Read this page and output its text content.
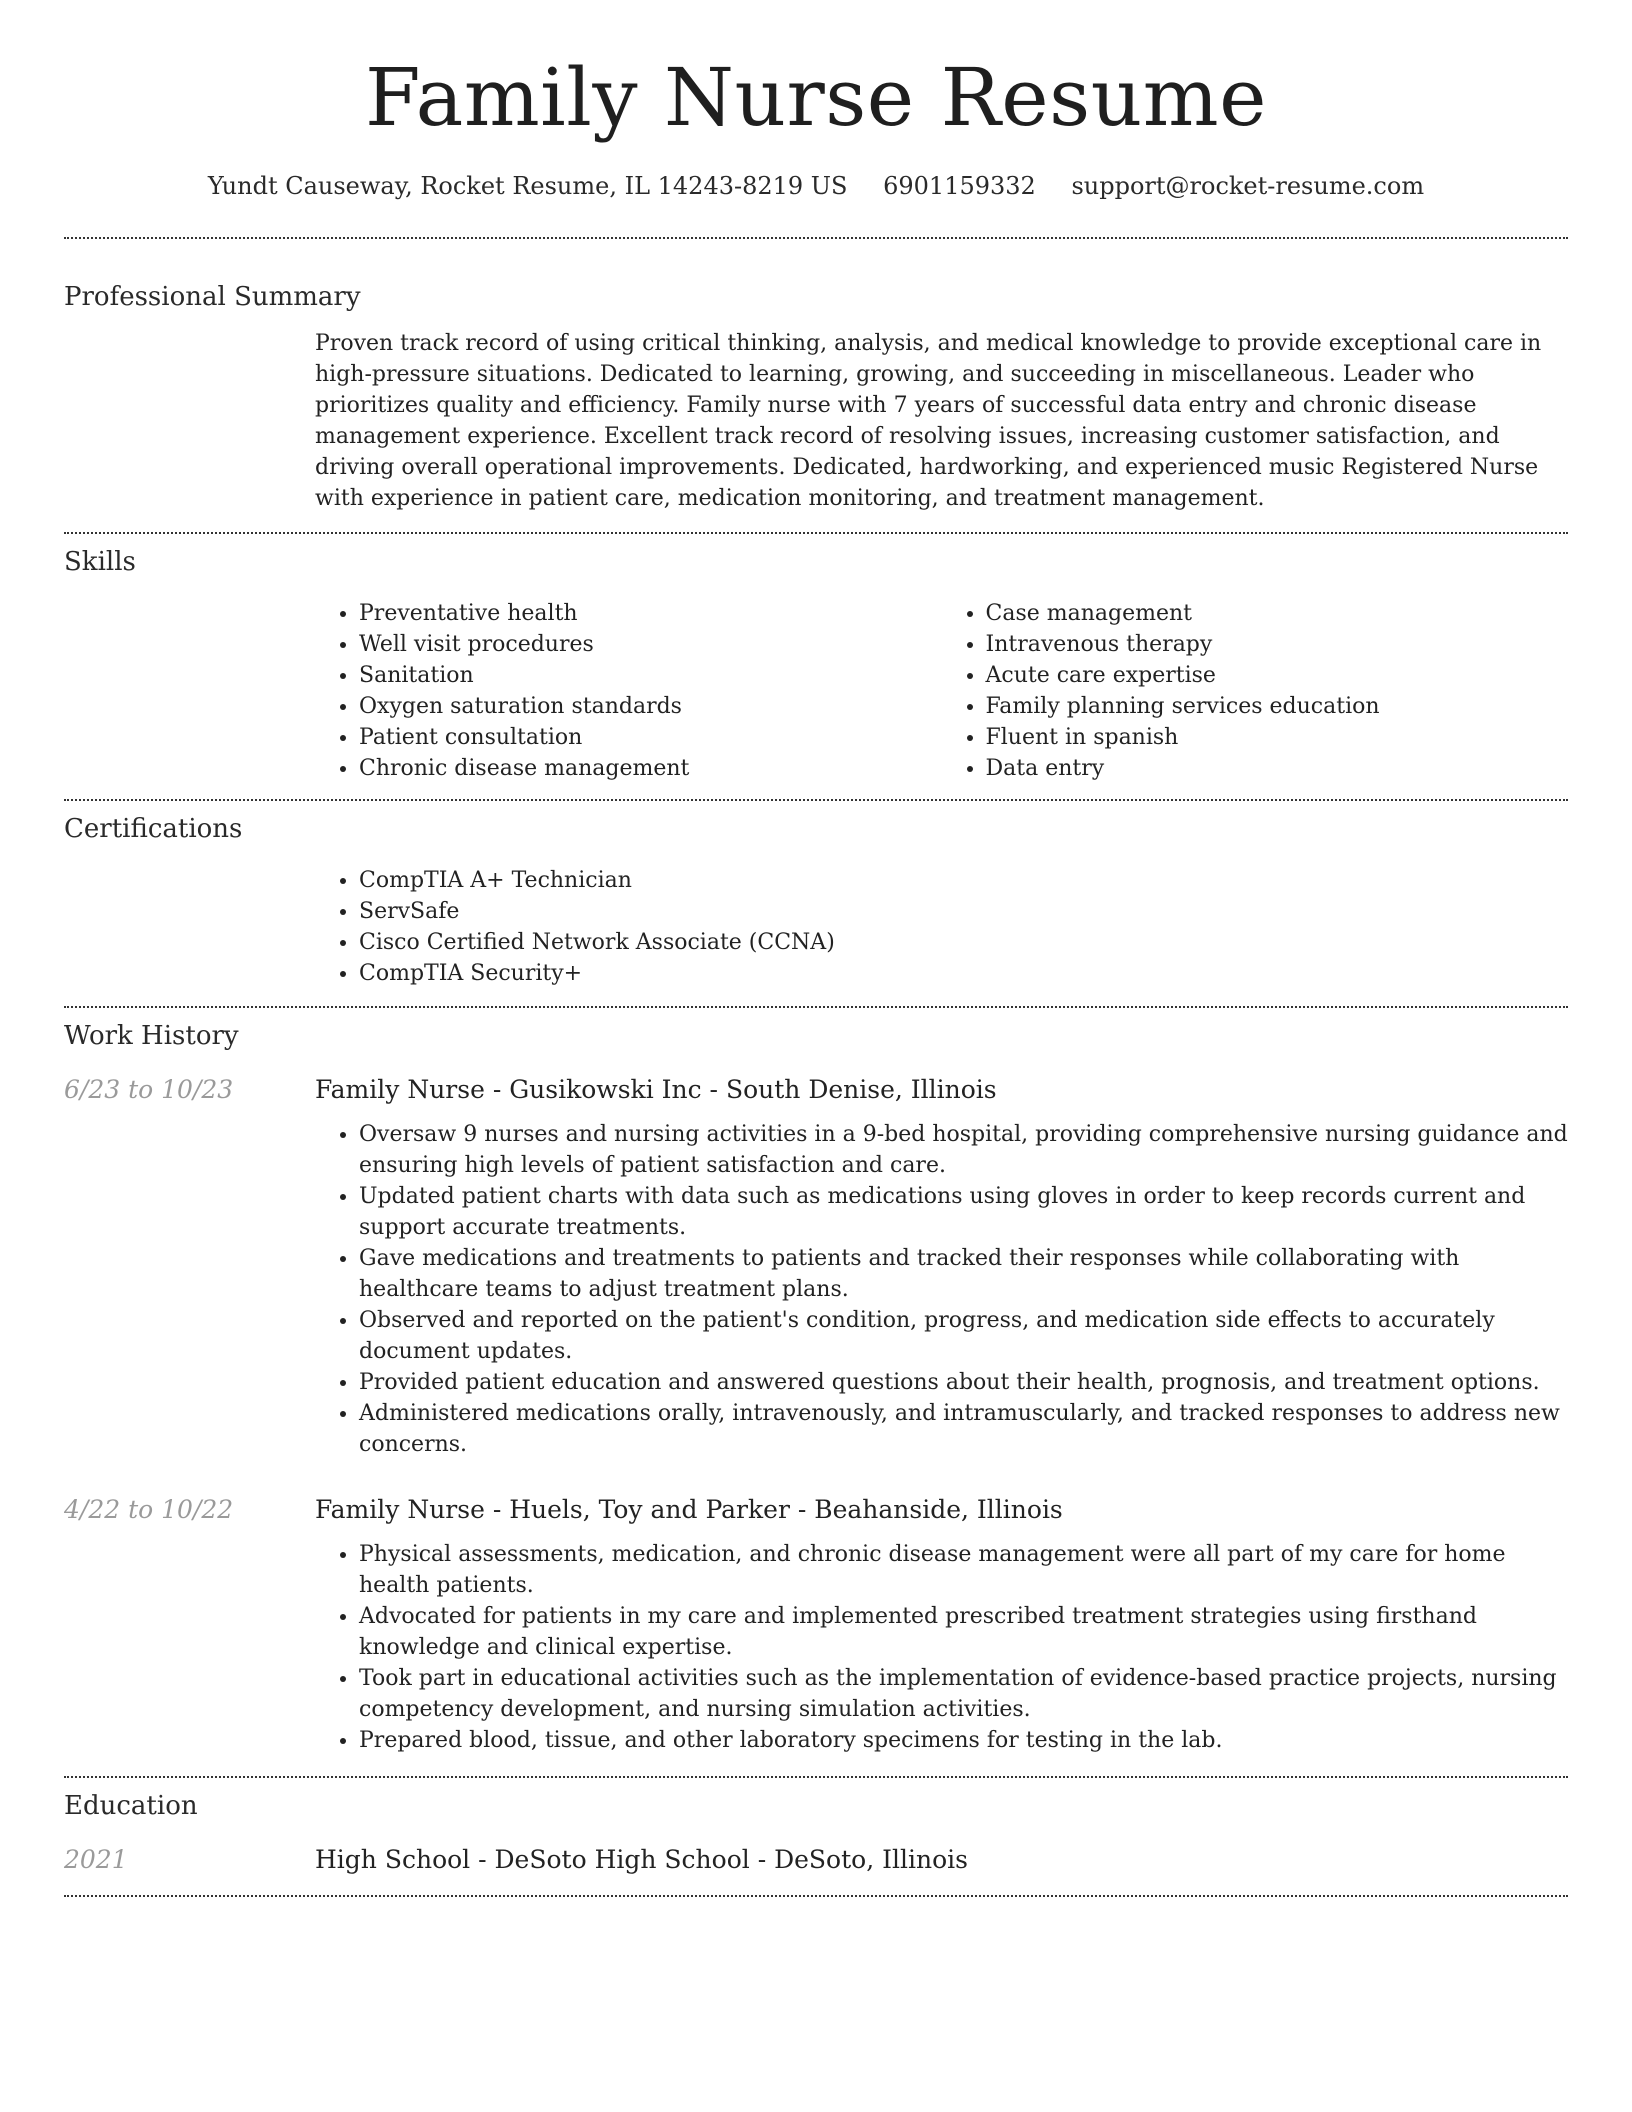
Family Nurse Resume
Yundt Causeway, Rocket Resume, IL 14243-8219 US 6901159332 support@rocket-resume.com
Professional Summary

Proven track record of using critical thinking, analysis, and medical knowledge to provide exceptional care in high-pressure situations. Dedicated to learning, growing, and succeeding in miscellaneous. Leader who prioritizes quality and efficiency. Family nurse with 7 years of successful data entry and chronic disease management experience. Excellent track record of resolving issues, increasing customer satisfaction, and driving overall operational improvements. Dedicated, hardworking, and experienced music Registered Nurse with experience in patient care, medication monitoring, and treatment management.

Skills
• Preventative health
• Well visit procedures
• Sanitation
• Oxygen saturation standards
• Patient consultation
• Chronic disease management
• Case management
• Intravenous therapy
• Acute care expertise
• Family planning services education
• Fluent in spanish
• Data entry
Certifications
• CompTIA A+ Technician
• ServSafe
• Cisco Certified Network Associate (CCNA)
• CompTIA Security+
Work History
6/23 to 10/23	Family Nurse - Gusikowski Inc - South Denise, Illinois
• Oversaw 9 nurses and nursing activities in a 9-bed hospital, providing comprehensive nursing guidance and ensuring high levels of patient satisfaction and care.
• Updated patient charts with data such as medications using gloves in order to keep records current and support accurate treatments.
• Gave medications and treatments to patients and tracked their responses while collaborating with healthcare teams to adjust treatment plans.
• Observed and reported on the patient's condition, progress, and medication side effects to accurately document updates.
• Provided patient education and answered questions about their health, prognosis, and treatment options.
• Administered medications orally, intravenously, and intramuscularly, and tracked responses to address new concerns.
4/22 to 10/22	Family Nurse - Huels, Toy and Parker - Beahanside, Illinois
• Physical assessments, medication, and chronic disease management were all part of my care for home health patients.
• Advocated for patients in my care and implemented prescribed treatment strategies using firsthand knowledge and clinical expertise.
• Took part in educational activities such as the implementation of evidence-based practice projects, nursing competency development, and nursing simulation activities.
• Prepared blood, tissue, and other laboratory specimens for testing in the lab.
Education
2021	High School - DeSoto High School - DeSoto, Illinois
